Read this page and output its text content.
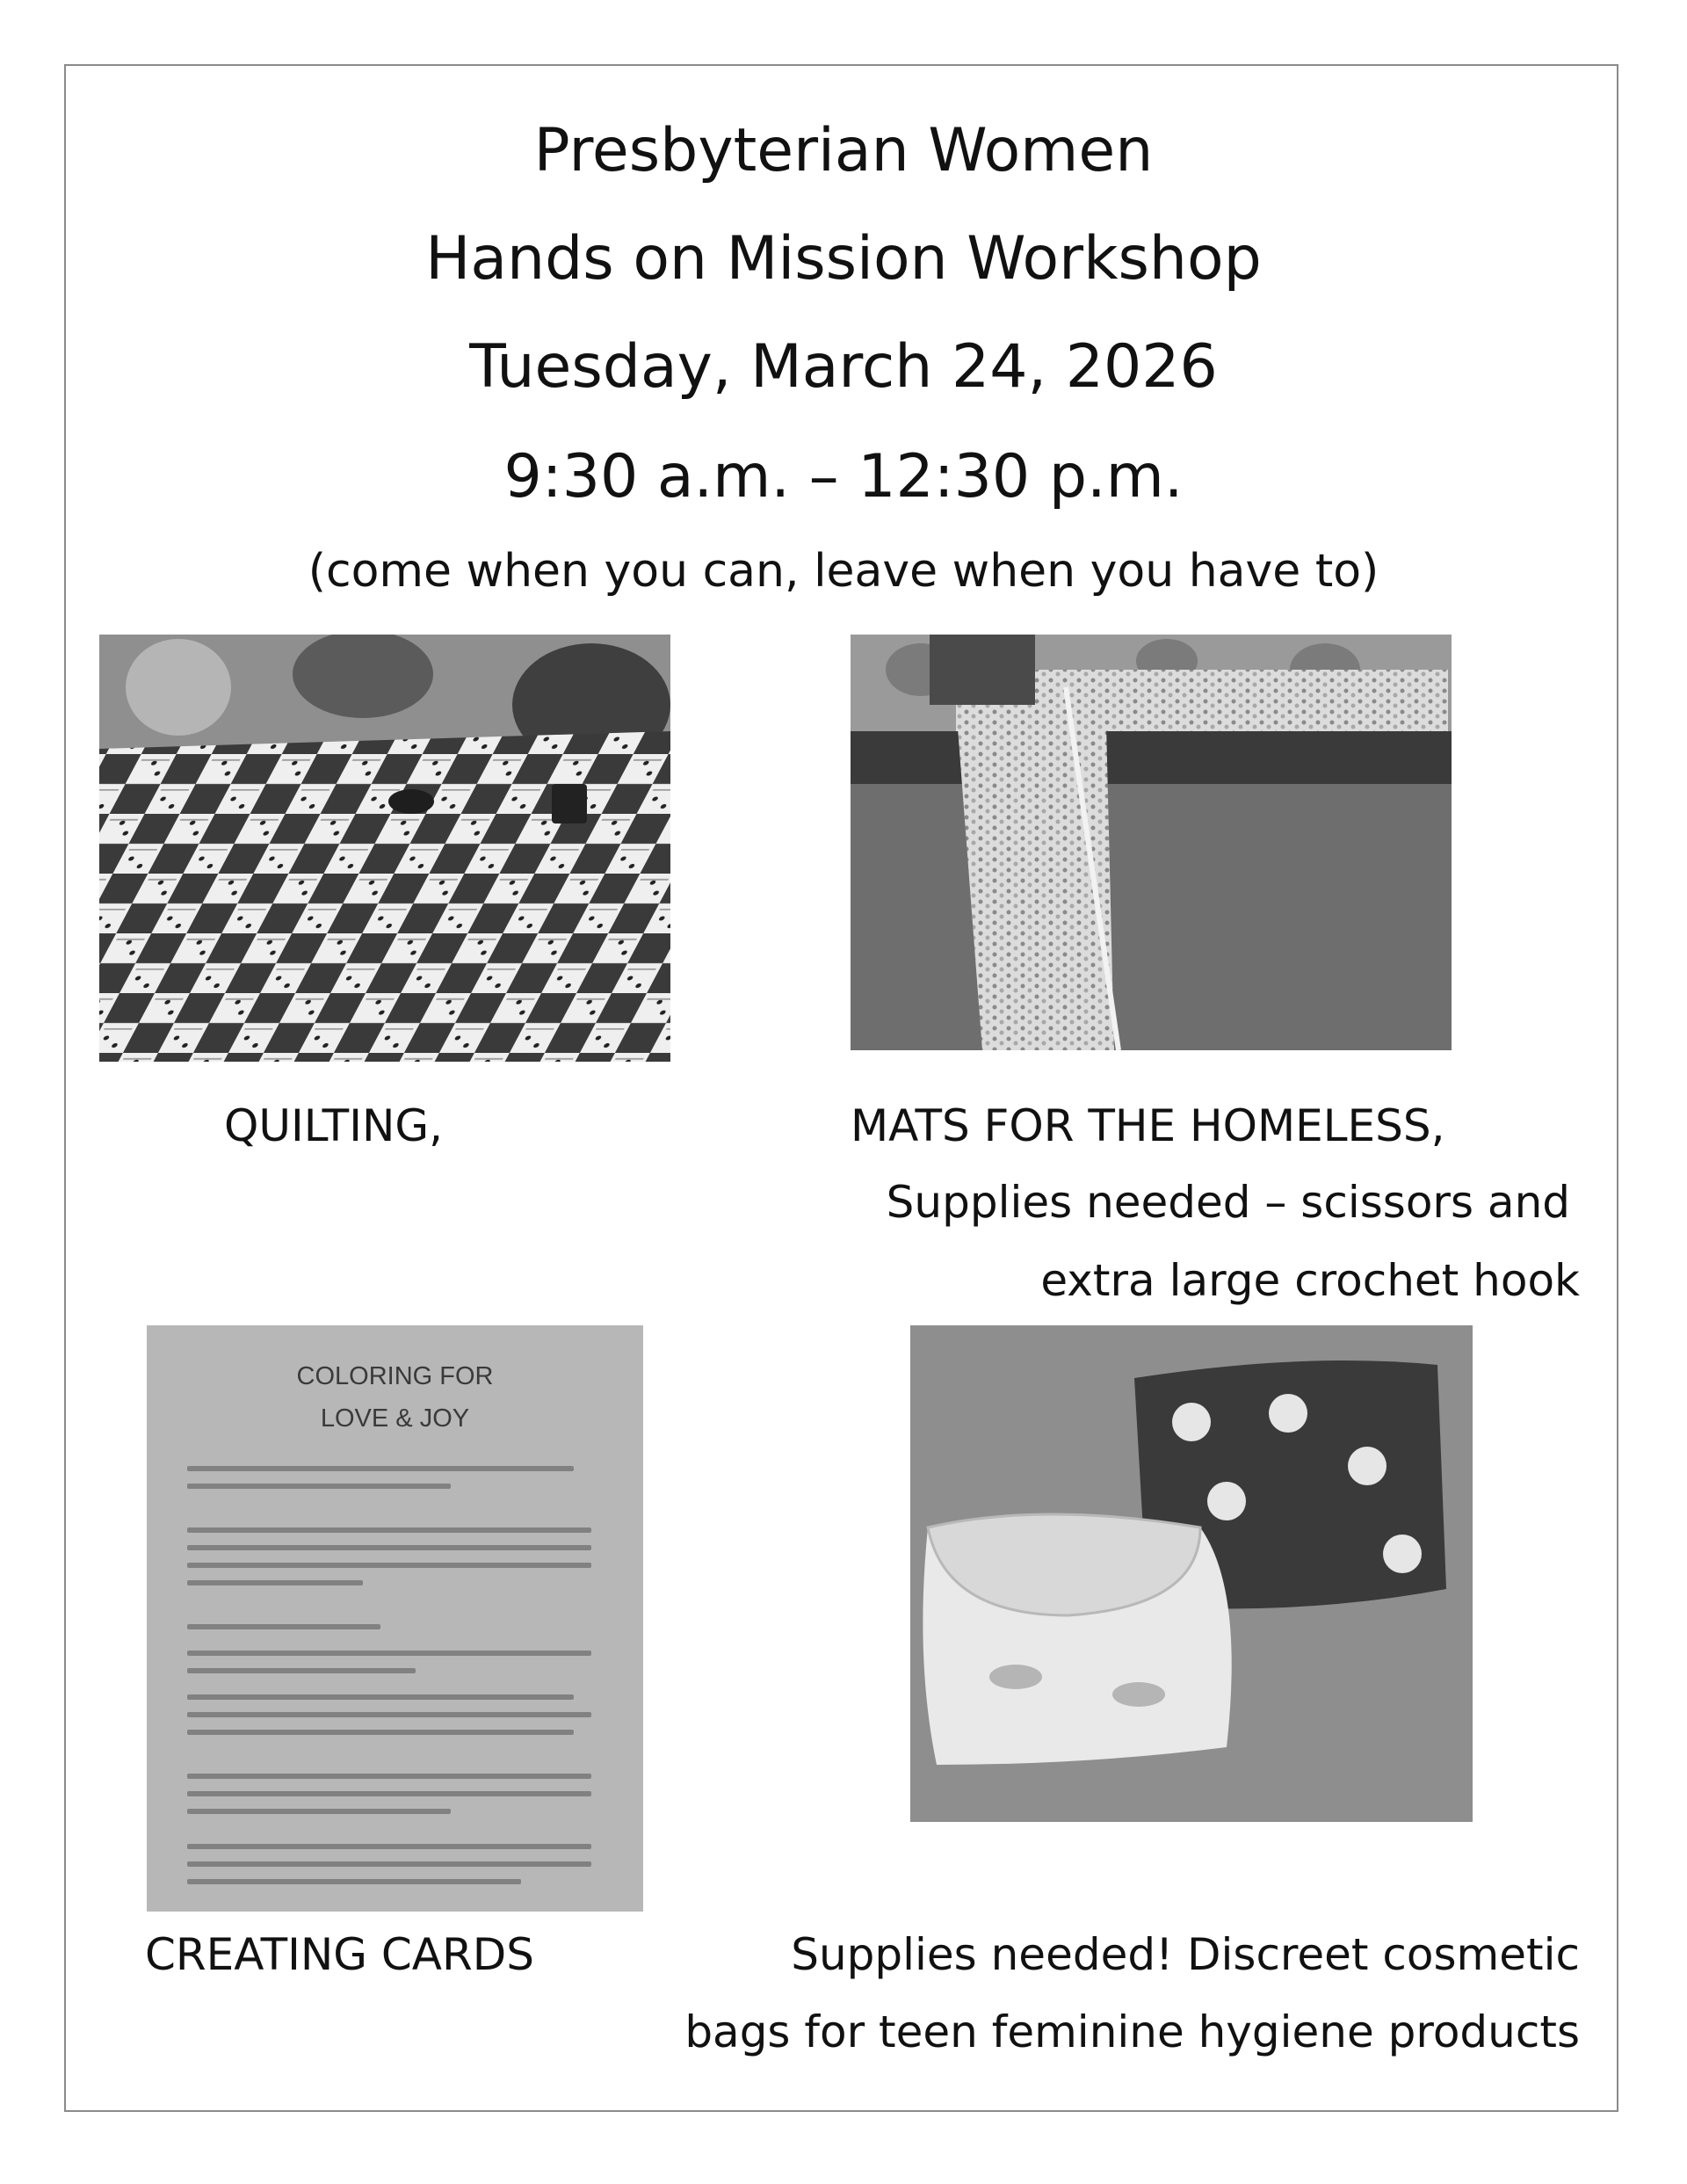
Presbyterian Women
Hands on Mission Workshop
Tuesday, March 24, 2026
9:30 a.m. – 12:30 p.m.
(come when you can, leave when you have to)
QUILTING,	MATS FOR THE HOMELESS,
Supplies needed – scissors and
extra large crochet hook
COLORING FOR
LOVE & JOY
CREATING CARDS	Supplies needed! Discreet cosmetic
bags for teen feminine hygiene products
